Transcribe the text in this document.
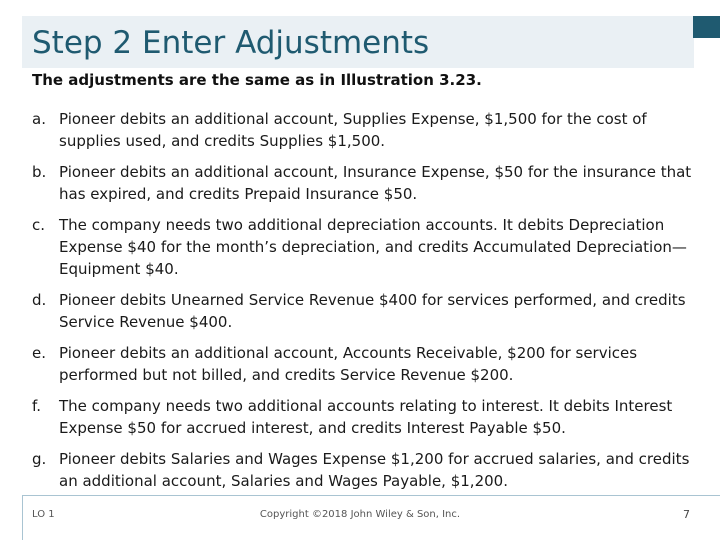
Step 2 Enter Adjustments

The adjustments are the same as in Illustration 3.23.

a. Pioneer debits an additional account, Supplies Expense, $1,500 for the cost of supplies used, and credits Supplies $1,500.
b. Pioneer debits an additional account, Insurance Expense, $50 for the insurance that has expired, and credits Prepaid Insurance $50.
c. The company needs two additional depreciation accounts. It debits Depreciation Expense $40 for the month’s depreciation, and credits Accumulated Depreciation—Equipment $40.
d. Pioneer debits Unearned Service Revenue $400 for services performed, and credits Service Revenue $400.
e. Pioneer debits an additional account, Accounts Receivable, $200 for services performed but not billed, and credits Service Revenue $200.
f. The company needs two additional accounts relating to interest. It debits Interest Expense $50 for accrued interest, and credits Interest Payable $50.
g. Pioneer debits Salaries and Wages Expense $1,200 for accrued salaries, and credits an additional account, Salaries and Wages Payable, $1,200.
LO 1	Copyright ©2018 John Wiley & Son, Inc.	7
